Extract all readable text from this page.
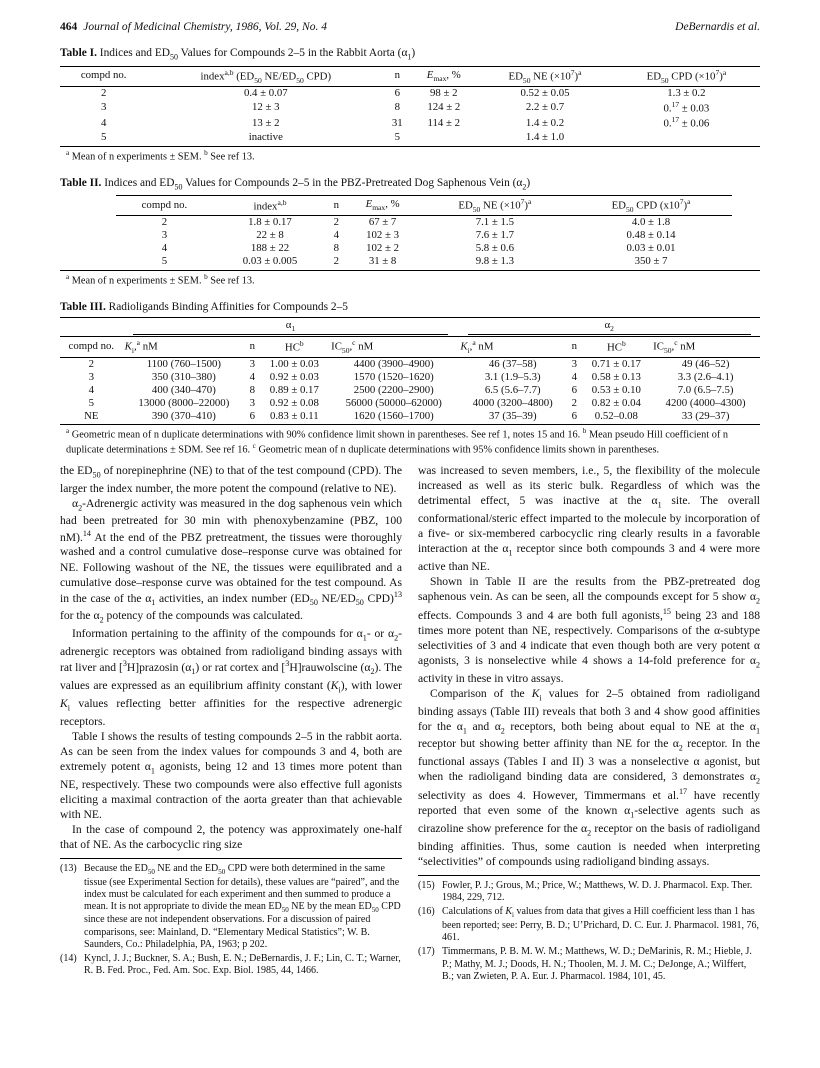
464 Journal of Medicinal Chemistry, 1986, Vol. 29, No. 4	DeBernardis et al.
Table I. Indices and $ED_{50}$ Values for Compounds 2–5 in the Rabbit Aorta $(\alpha_1)$
compd no.	index$^{a,b}$ ($ED_{50}$ $NE/ED_{50}$ CPD)	n	$E_{max}$, %	$ED_{50}$ NE $(\times 10^7)^a$	$ED_{50}$ CPD $(\times 10^7)^a$
2	0.4 ± 0.07	6	98 ± 2	0.52 ± 0.05	1.3 ± 0.2
3	12 ± 3	8	124 ± 2	2.2 ± 0.7	0.17 ± 0.03
4	13 ± 2	31	114 ± 2	1.4 ± 0.2	0.17 ± 0.06
5	inactive	5		1.4 ± 1.0	
$^a$ Mean of n experiments ± SEM. $^b$ See ref 13.
Table II. Indices and $ED_{50}$ Values for Compounds 2–5 in the PBZ-Pretreated Dog Saphenous Vein $(\alpha_2)$
compd no.	index$^{a,b}$	n	$E_{max}$, %	$ED_{50}$ NE $(\times 10^7)^a$	$ED_{50}$ CPD $(x10^7)^a$
2	1.8 ± 0.17	2	67 ± 7	7.1 ± 1.5	4.0 ± 1.8
3	22 ± 8	4	102 ± 3	7.6 ± 1.7	0.48 ± 0.14
4	188 ± 22	8	102 ± 2	5.8 ± 0.6	0.03 ± 0.01
5	0.03 ± 0.005	2	31 ± 8	9.8 ± 1.3	350 ± 7
$^a$ Mean of n experiments ± SEM. $^b$ See ref 13.
Table III. Radioligands Binding Affinities for Compounds 2–5
	$\alpha_1$				$\alpha_2$
compd no.	$K_i,^a$ nM	n	$HC^b$	$IC_{50},^c$ nM	$K_i,^a$ nM	n	$HC^b$	$IC_{50},^c$ nM
2	1100 (760–1500)	3	1.00 ± 0.03	4400 (3900–4900)	46 (37–58)	3	0.71 ± 0.17	49 (46–52)
3	350 (310–380)	4	0.92 ± 0.03	1570 (1520–1620)	3.1 (1.9–5.3)	4	0.58 ± 0.13	3.3 (2.6–4.1)
4	400 (340–470)	8	0.89 ± 0.17	2500 (2200–2900)	6.5 (5.6–7.7)	6	0.53 ± 0.10	7.0 (6.5–7.5)
5	13000 (8000–22000)	3	0.92 ± 0.08	56000 (50000–62000)	4000 (3200–4800)	2	0.82 ± 0.04	4200 (4000–4300)
NE	390 (370–410)	6	0.83 ± 0.11	1620 (1560–1700)	37 (35–39)	6	0.52–0.08	33 (29–37)
$^a$ Geometric mean of n duplicate determinations with 90% confidence limit shown in parentheses. See ref 1, notes 15 and 16. $^b$ Mean pseudo Hill coefficient of n duplicate determinations ± SDM. See ref 16. $^c$ Geometric mean of n duplicate determinations with 95% confidence limits shown in parentheses.

the $ED_{50}$ of norepinephrine (NE) to that of the test compound (CPD). The larger the index number, the more potent the compound (relative to NE).

$\alpha_2$-Adrenergic activity was measured in the dog saphenous vein which had been pretreated for 30 min with phenoxybenzamine (PBZ, 100 nM).$^{14}$ At the end of the PBZ pretreatment, the tissues were thoroughly washed and a control cumulative dose–response curve was obtained for NE. Following washout of the NE, the tissues were equilibrated and a cumulative dose–response curve was obtained for the test compound. As in the case of the $\alpha_1$ activities, an index number ($ED_{50}$ $NE/ED_{50}$ CPD)$^{13}$ for the $\alpha_2$ potency of the compounds was calculated.

Information pertaining to the affinity of the compounds for $\alpha_1-$ or $\alpha_2$-adrenergic receptors was obtained from radioligand binding assays with rat liver and [$^3$H]prazosin $(\alpha_1)$ or rat cortex and [$^3$H]rauwolscine $(\alpha_2)$. The values are expressed as an equilibrium affinity constant $(K_i)$, with lower $K_i$ values reflecting better affinities for the respective adrenergic receptors.

Table I shows the results of testing compounds 2–5 in the rabbit aorta. As can be seen from the index values for compounds 3 and 4, both are extremely potent $\alpha_1$ agonists, being 12 and 13 times more potent than NE, respectively. These two compounds were also effective full agonists eliciting a maximal contraction of the aorta greater than that achievable with NE.

In the case of compound 2, the potency was approximately one-half that of NE. As the carbocyclic ring size

(13) Because the $ED_{50}$ NE and the $ED_{50}$ CPD were both determined in the same tissue (see Experimental Section for details), these values are “paired”, and the index must be calculated for each experiment and then summed to produce a mean. It is not appropriate to divide the mean $ED_{50}$ NE by the mean $ED_{50}$ CPD since these are not independent observations. For a discussion of paired comparisons, see: Mainland, D. “Elementary Medical Statistics”; W. B. Saunders, Co.: Philadelphia, PA, 1963; p 202.
(14) Kyncl, J. J.; Buckner, S. A.; Bush, E. N.; DeBernardis, J. F.; Lin, C. T.; Warner, R. B. Fed. Proc., Fed. Am. Soc. Exp. Biol. 1985, 44, 1466.

was increased to seven members, i.e., 5, the flexibility of the molecule increased as well as its steric bulk. Regardless of which was the detrimental effect, 5 was inactive at the $\alpha_1$ site. The overall conformational/steric effect imparted to the molecule by incorporation of a five- or six-membered carbocyclic ring clearly results in a favorable interaction at the $\alpha_1$ receptor since both compounds 3 and 4 were more active than NE.

Shown in Table II are the results from the PBZ-pretreated dog saphenous vein. As can be seen, all the compounds except for 5 show $\alpha_2$ effects. Compounds 3 and 4 are both full agonists,$^{15}$ being 23 and 188 times more potent than NE, respectively. Comparisons of the α-subtype selectivities of 3 and 4 indicate that even though both are very potent α agonists, 3 is nonselective while 4 shows a 14-fold preference for $\alpha_2$ activity in these in vitro assays.

Comparison of the $K_i$ values for 2–5 obtained from radioligand binding assays (Table III) reveals that both 3 and 4 show good affinities for the $\alpha_1$ and $\alpha_2$ receptors, both being about equal to NE at the $\alpha_1$ receptor but showing better affinity than NE for the $\alpha_2$ receptor. In the functional assays (Tables I and II) 3 was a nonselective α agonist, but when the radioligand binding data are considered, 3 demonstrates $\alpha_2$ selectivity as does 4. However, Timmermans et al.$^{17}$ have recently reported that even some of the known $\alpha_1$-selective agents such as cirazoline show preference for the $\alpha_2$ receptor on the basis of radioligand binding affinities. Thus, some caution is needed when interpreting “selectivities” of compounds using radioligand binding assays.

(15) Fowler, P. J.; Grous, M.; Price, W.; Matthews, W. D. J. Pharmacol. Exp. Ther. 1984, 229, 712.
(16) Calculations of $K_i$ values from data that gives a Hill coefficient less than 1 has been reported; see: Perry, B. D.; U’Prichard, D. C. Eur. J. Pharmacol. 1981, 76, 461.
(17) Timmermans, P. B. M. W. M.; Matthews, W. D.; DeMarinis, R. M.; Hieble, J. P.; Mathy, M. J.; Doods, H. N.; Thoolen, M. J. M. C.; DeJonge, A.; Wilffert, B.; van Zwieten, P. A. Eur. J. Pharmacol. 1984, 101, 45.
